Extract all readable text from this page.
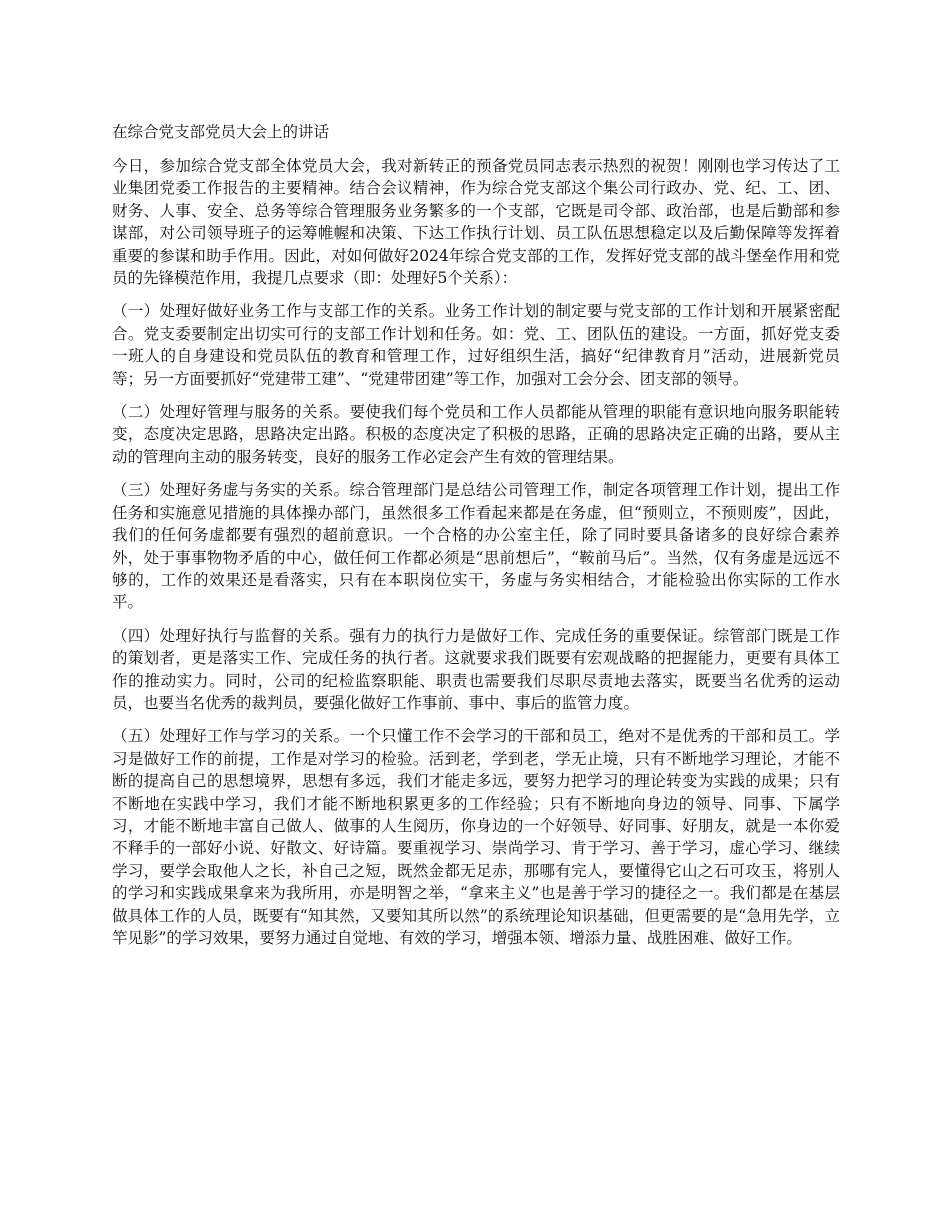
在综合党支部党员大会上的讲话

今日，参加综合党支部全体党员大会，我对新转正的预备党员同志表示热烈的祝贺！刚刚也学习传达了工业集团党委工作报告的主要精神。结合会议精神，作为综合党支部这个集公司行政办、党、纪、工、团、财务、人事、安全、总务等综合管理服务业务繁多的一个支部，它既是司令部、政治部，也是后勤部和参谋部，对公司领导班子的运筹帷幄和决策、下达工作执行计划、员工队伍思想稳定以及后勤保障等发挥着重要的参谋和助手作用。因此，对如何做好2024年综合党支部的工作，发挥好党支部的战斗堡垒作用和党员的先锋模范作用，我提几点要求（即：处理好5个关系）：

（一）处理好做好业务工作与支部工作的关系。业务工作计划的制定要与党支部的工作计划和开展紧密配合。党支委要制定出切实可行的支部工作计划和任务。如：党、工、团队伍的建设。一方面，抓好党支委一班人的自身建设和党员队伍的教育和管理工作，过好组织生活，搞好“纪律教育月”活动，进展新党员等；另一方面要抓好“党建带工建”、“党建带团建”等工作，加强对工会分会、团支部的领导。

（二）处理好管理与服务的关系。要使我们每个党员和工作人员都能从管理的职能有意识地向服务职能转变，态度决定思路，思路决定出路。积极的态度决定了积极的思路，正确的思路决定正确的出路，要从主动的管理向主动的服务转变，良好的服务工作必定会产生有效的管理结果。

（三）处理好务虚与务实的关系。综合管理部门是总结公司管理工作，制定各项管理工作计划，提出工作任务和实施意见措施的具体操办部门，虽然很多工作看起来都是在务虚，但“预则立，不预则废”，因此，我们的任何务虚都要有强烈的超前意识。一个合格的办公室主任，除了同时要具备诸多的良好综合素养外，处于事事物物矛盾的中心，做任何工作都必须是“思前想后”，“鞍前马后”。当然，仅有务虚是远远不够的，工作的效果还是看落实，只有在本职岗位实干，务虚与务实相结合，才能检验出你实际的工作水平。

（四）处理好执行与监督的关系。强有力的执行力是做好工作、完成任务的重要保证。综管部门既是工作的策划者，更是落实工作、完成任务的执行者。这就要求我们既要有宏观战略的把握能力，更要有具体工作的推动实力。同时，公司的纪检监察职能、职责也需要我们尽职尽责地去落实，既要当名优秀的运动员，也要当名优秀的裁判员，要强化做好工作事前、事中、事后的监管力度。

（五）处理好工作与学习的关系。一个只懂工作不会学习的干部和员工，绝对不是优秀的干部和员工。学习是做好工作的前提，工作是对学习的检验。活到老，学到老，学无止境，只有不断地学习理论，才能不断的提高自己的思想境界，思想有多远，我们才能走多远，要努力把学习的理论转变为实践的成果；只有不断地在实践中学习，我们才能不断地积累更多的工作经验；只有不断地向身边的领导、同事、下属学习，才能不断地丰富自己做人、做事的人生阅历，你身边的一个好领导、好同事、好朋友，就是一本你爱不释手的一部好小说、好散文、好诗篇。要重视学习、崇尚学习、肯于学习、善于学习，虚心学习、继续学习，要学会取他人之长，补自己之短，既然金都无足赤，那哪有完人，要懂得它山之石可攻玉，将别人的学习和实践成果拿来为我所用，亦是明智之举，“拿来主义”也是善于学习的捷径之一。我们都是在基层做具体工作的人员，既要有“知其然，又要知其所以然”的系统理论知识基础，但更需要的是“急用先学，立竿见影”的学习效果，要努力通过自觉地、有效的学习，增强本领、增添力量、战胜困难、做好工作。
